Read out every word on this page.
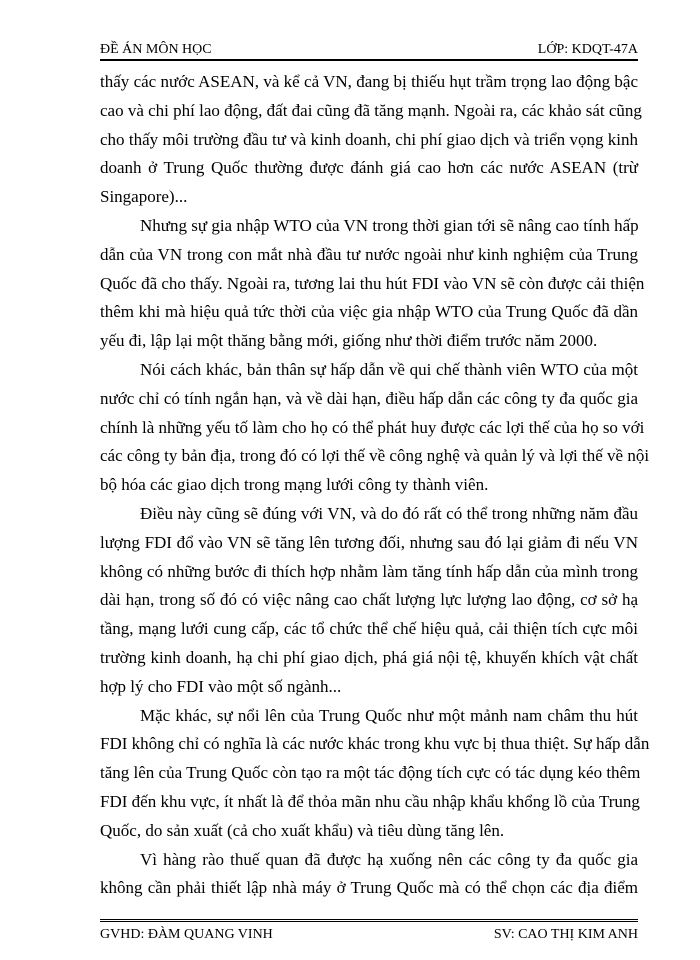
ĐỀ ÁN MÔN HỌC	LỚP: KDQT-47A
thấy các nước ASEAN, và kể cả VN, đang bị thiếu hụt trầm trọng lao động bậc
cao và chi phí lao động, đất đai cũng đã tăng mạnh. Ngoài ra, các khảo sát cũng
cho thấy môi trường đầu tư và kinh doanh, chi phí giao dịch và triển vọng kinh
doanh ở Trung Quốc thường được đánh giá cao hơn các nước ASEAN (trừ
Singapore)...
Nhưng sự gia nhập WTO của VN trong thời gian tới sẽ nâng cao tính hấp
dẫn của VN trong con mắt nhà đầu tư nước ngoài như kinh nghiệm của Trung
Quốc đã cho thấy. Ngoài ra, tương lai thu hút FDI vào VN sẽ còn được cải thiện
thêm khi mà hiệu quả tức thời của việc gia nhập WTO của Trung Quốc đã dần
yếu đi, lập lại một thăng bằng mới, giống như thời điểm trước năm 2000.
Nói cách khác, bản thân sự hấp dẫn về qui chế thành viên WTO của một
nước chỉ có tính ngắn hạn, và về dài hạn, điều hấp dẫn các công ty đa quốc gia
chính là những yếu tố làm cho họ có thể phát huy được các lợi thế của họ so với
các công ty bản địa, trong đó có lợi thế về công nghệ và quản lý và lợi thế về nội
bộ hóa các giao dịch trong mạng lưới công ty thành viên.
Điều này cũng sẽ đúng với VN, và do đó rất có thể trong những năm đầu
lượng FDI đổ vào VN sẽ tăng lên tương đối, nhưng sau đó lại giảm đi nếu VN
không có những bước đi thích hợp nhằm làm tăng tính hấp dẫn của mình trong
dài hạn, trong số đó có việc nâng cao chất lượng lực lượng lao động, cơ sở hạ
tầng, mạng lưới cung cấp, các tổ chức thể chế hiệu quả, cải thiện tích cực môi
trường kinh doanh, hạ chi phí giao dịch, phá giá nội tệ, khuyến khích vật chất
hợp lý cho FDI vào một số ngành...
Mặc khác, sự nổi lên của Trung Quốc như một mảnh nam châm thu hút
FDI không chỉ có nghĩa là các nước khác trong khu vực bị thua thiệt. Sự hấp dẫn
tăng lên của Trung Quốc còn tạo ra một tác động tích cực có tác dụng kéo thêm
FDI đến khu vực, ít nhất là để thỏa mãn nhu cầu nhập khẩu khổng lồ của Trung
Quốc, do sản xuất (cả cho xuất khẩu) và tiêu dùng tăng lên.
Vì hàng rào thuế quan đã được hạ xuống nên các công ty đa quốc gia
không cần phải thiết lập nhà máy ở Trung Quốc mà có thể chọn các địa điểm
GVHD: ĐÀM QUANG VINH	SV: CAO THỊ KIM ANH
